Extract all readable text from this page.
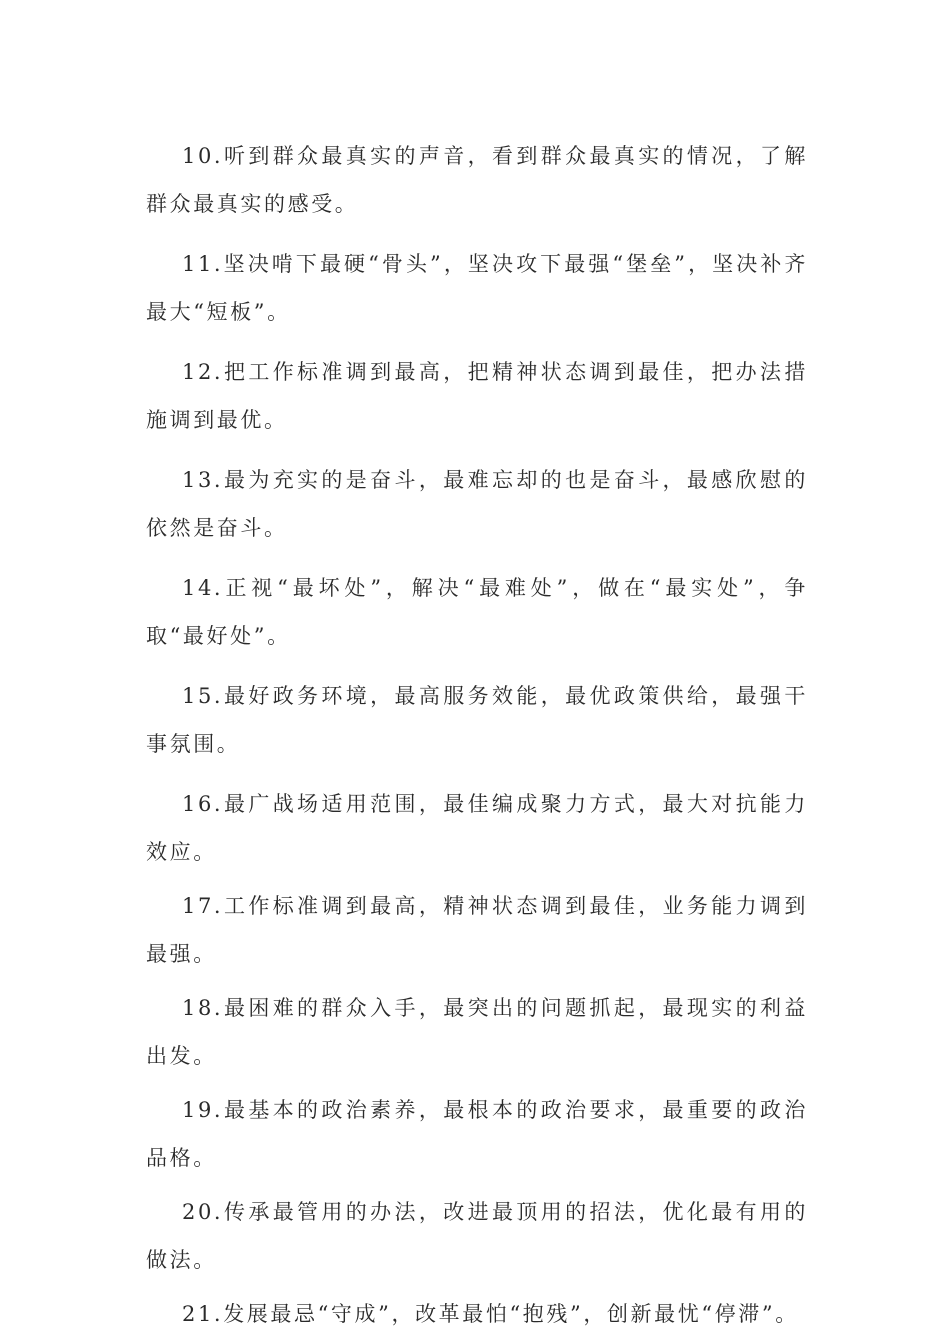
10.听到群众最真实的声音，看到群众最真实的情况，了解群众最真实的感受。

11.坚决啃下最硬“骨头”，坚决攻下最强“堡垒”，坚决补齐最大“短板”。

12.把工作标准调到最高，把精神状态调到最佳，把办法措施调到最优。

13.最为充实的是奋斗，最难忘却的也是奋斗，最感欣慰的依然是奋斗。

14.正视“最坏处”，解决“最难处”，做在“最实处”，争取“最好处”。

15.最好政务环境，最高服务效能，最优政策供给，最强干事氛围。

16.最广战场适用范围，最佳编成聚力方式，最大对抗能力效应。

17.工作标准调到最高，精神状态调到最佳，业务能力调到最强。

18.最困难的群众入手，最突出的问题抓起，最现实的利益出发。

19.最基本的政治素养，最根本的政治要求，最重要的政治品格。

20.传承最管用的办法，改进最顶用的招法，优化最有用的做法。

21.发展最忌“守成”，改革最怕“抱残”，创新最忧“停滞”。
